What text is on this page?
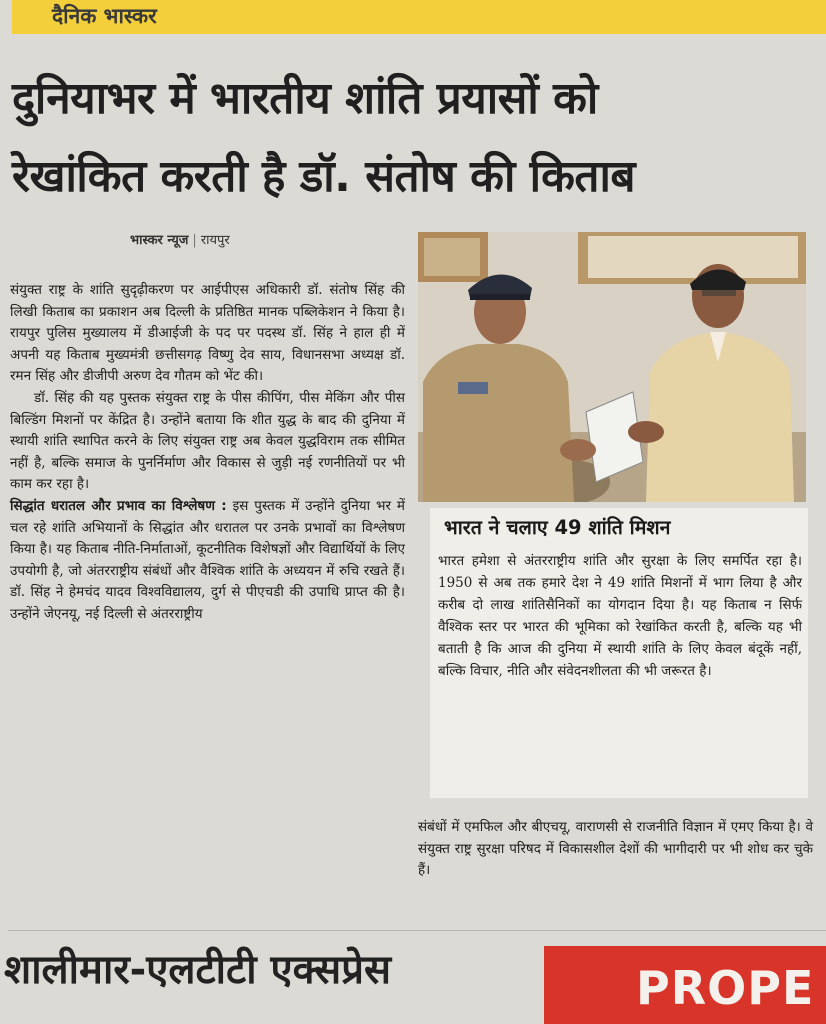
दैनिक भास्कर
दुनियाभर में भारतीय शांति प्रयासों को
रेखांकित करती है डॉ. संतोष की किताब
भास्कर न्यूज | रायपुर

संयुक्त राष्ट्र के शांति सुदृढ़ीकरण पर आईपीएस अधिकारी डॉ. संतोष सिंह की लिखी किताब का प्रकाशन अब दिल्ली के प्रतिष्ठित मानक पब्लिकेशन ने किया है। रायपुर पुलिस मुख्यालय में डीआईजी के पद पर पदस्थ डॉ. सिंह ने हाल ही में अपनी यह किताब मुख्यमंत्री छत्तीसगढ़ विष्णु देव साय, विधानसभा अध्यक्ष डॉ. रमन सिंह और डीजीपी अरुण देव गौतम को भेंट की।

डॉ. सिंह की यह पुस्तक संयुक्त राष्ट्र के पीस कीपिंग, पीस मेकिंग और पीस बिल्डिंग मिशनों पर केंद्रित है। उन्होंने बताया कि शीत युद्ध के बाद की दुनिया में स्थायी शांति स्थापित करने के लिए संयुक्त राष्ट्र अब केवल युद्धविराम तक सीमित नहीं है, बल्कि समाज के पुनर्निर्माण और विकास से जुड़ी नई रणनीतियों पर भी काम कर रहा है।

सिद्धांत धरातल और प्रभाव का विश्लेषण : इस पुस्तक में उन्होंने दुनिया भर में चल रहे शांति अभियानों के सिद्धांत और धरातल पर उनके प्रभावों का विश्लेषण किया है। यह किताब नीति-निर्माताओं, कूटनीतिक विशेषज्ञों और विद्यार्थियों के लिए उपयोगी है, जो अंतरराष्ट्रीय संबंधों और वैश्विक शांति के अध्ययन में रुचि रखते हैं। डॉ. सिंह ने हेमचंद यादव विश्वविद्यालय, दुर्ग से पीएचडी की उपाधि प्राप्त की है। उन्होंने जेएनयू, नई दिल्ली से अंतरराष्ट्रीय

भारत ने चलाए 49 शांति मिशन
भारत हमेशा से अंतरराष्ट्रीय शांति और सुरक्षा के लिए समर्पित रहा है। 1950 से अब तक हमारे देश ने 49 शांति मिशनों में भाग लिया है और करीब दो लाख शांतिसैनिकों का योगदान दिया है। यह किताब न सिर्फ वैश्विक स्तर पर भारत की भूमिका को रेखांकित करती है, बल्कि यह भी बताती है कि आज की दुनिया में स्थायी शांति के लिए केवल बंदूकें नहीं, बल्कि विचार, नीति और संवेदनशीलता की भी जरूरत है।
संबंधों में एमफिल और बीएचयू, वाराणसी से राजनीति विज्ञान में एमए किया है। वे संयुक्त राष्ट्र सुरक्षा परिषद में विकासशील देशों की भागीदारी पर भी शोध कर चुके हैं।
शालीमार-एलटीटी एक्सप्रेस	PROPE
